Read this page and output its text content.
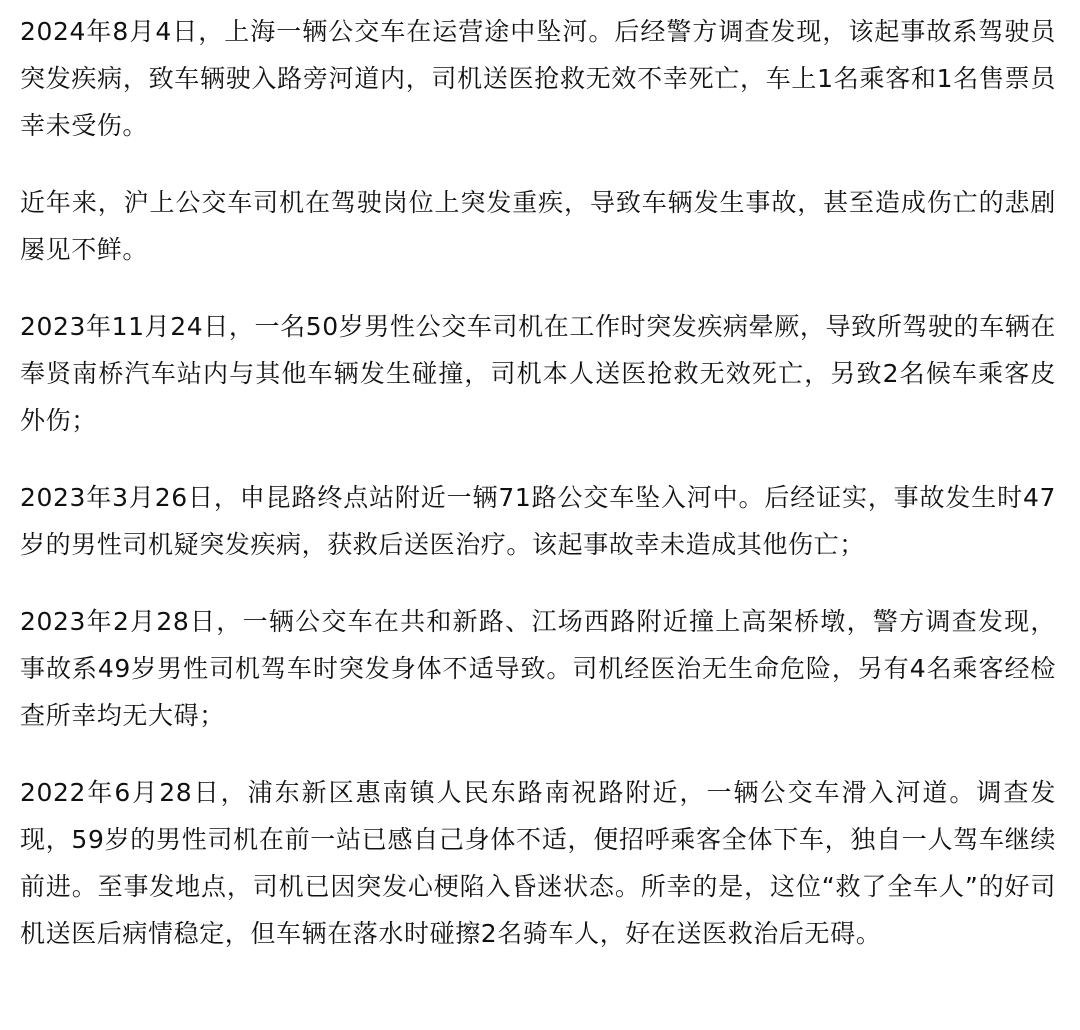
2024年8月4日，上海一辆公交车在运营途中坠河。后经警方调查发现，该起事故系驾驶员突发疾病，致车辆驶入路旁河道内，司机送医抢救无效不幸死亡，车上1名乘客和1名售票员幸未受伤。

近年来，沪上公交车司机在驾驶岗位上突发重疾，导致车辆发生事故，甚至造成伤亡的悲剧屡见不鲜。

2023年11月24日，一名50岁男性公交车司机在工作时突发疾病晕厥，导致所驾驶的车辆在奉贤南桥汽车站内与其他车辆发生碰撞，司机本人送医抢救无效死亡，另致2名候车乘客皮外伤；

2023年3月26日，申昆路终点站附近一辆71路公交车坠入河中。后经证实，事故发生时47岁的男性司机疑突发疾病，获救后送医治疗。该起事故幸未造成其他伤亡；

2023年2月28日，一辆公交车在共和新路、江场西路附近撞上高架桥墩，警方调查发现，事故系49岁男性司机驾车时突发身体不适导致。司机经医治无生命危险，另有4名乘客经检查所幸均无大碍；

2022年6月28日，浦东新区惠南镇人民东路南祝路附近，一辆公交车滑入河道。调查发现，59岁的男性司机在前一站已感自己身体不适，便招呼乘客全体下车，独自一人驾车继续前进。至事发地点，司机已因突发心梗陷入昏迷状态。所幸的是，这位“救了全车人”的好司机送医后病情稳定，但车辆在落水时碰擦2名骑车人，好在送医救治后无碍。
